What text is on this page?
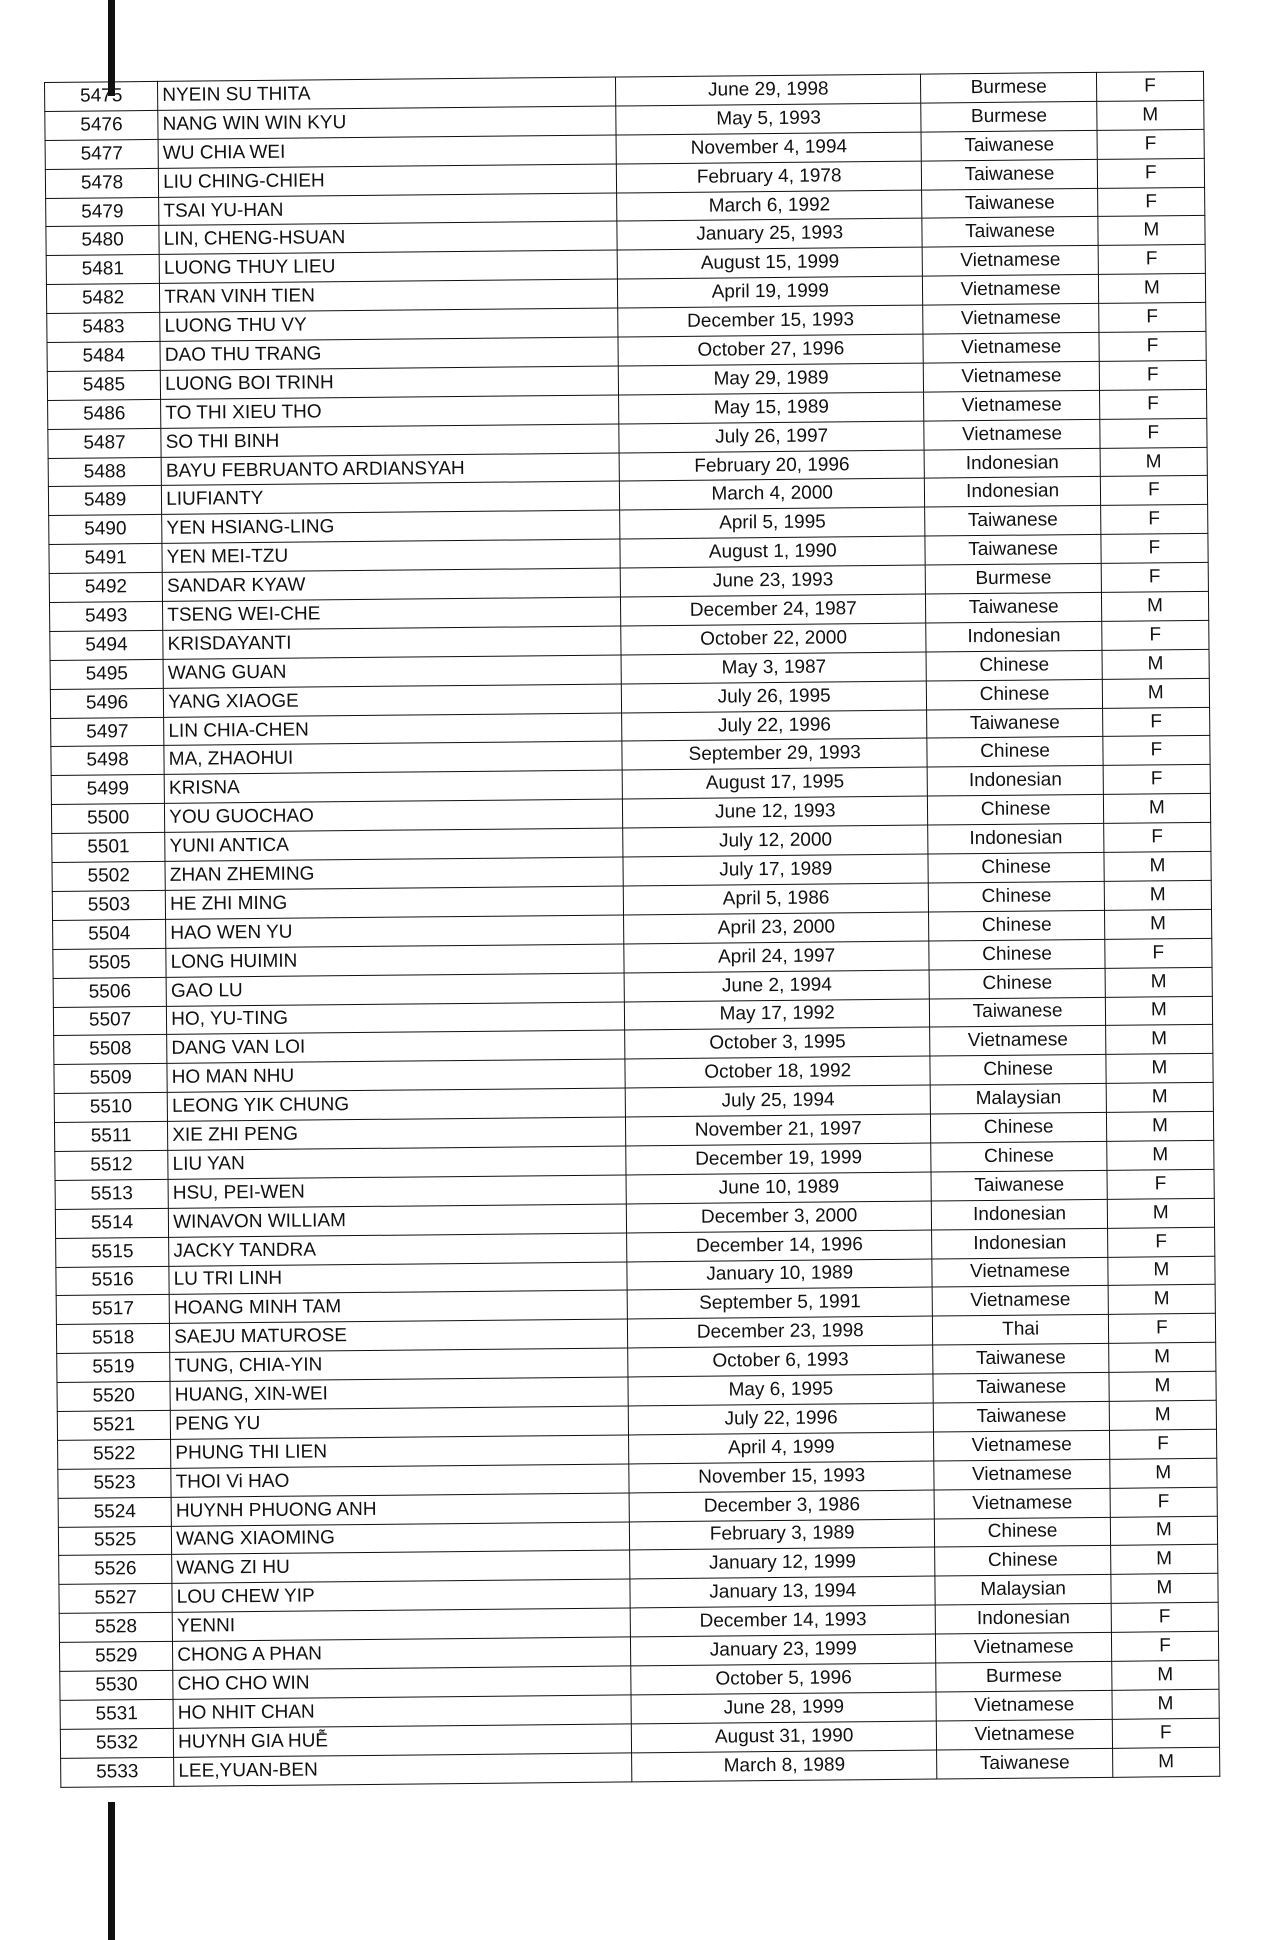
5475	NYEIN SU THITA	June 29, 1998	Burmese	F
5476	NANG WIN WIN KYU	May 5, 1993	Burmese	M
5477	WU CHIA WEI	November 4, 1994	Taiwanese	F
5478	LIU CHING-CHIEH	February 4, 1978	Taiwanese	F
5479	TSAI YU-HAN	March 6, 1992	Taiwanese	F
5480	LIN, CHENG-HSUAN	January 25, 1993	Taiwanese	M
5481	LUONG THUY LIEU	August 15, 1999	Vietnamese	F
5482	TRAN VINH TIEN	April 19, 1999	Vietnamese	M
5483	LUONG THU VY	December 15, 1993	Vietnamese	F
5484	DAO THU TRANG	October 27, 1996	Vietnamese	F
5485	LUONG BOI TRINH	May 29, 1989	Vietnamese	F
5486	TO THI XIEU THO	May 15, 1989	Vietnamese	F
5487	SO THI BINH	July 26, 1997	Vietnamese	F
5488	BAYU FEBRUANTO ARDIANSYAH	February 20, 1996	Indonesian	M
5489	LIUFIANTY	March 4, 2000	Indonesian	F
5490	YEN HSIANG-LING	April 5, 1995	Taiwanese	F
5491	YEN MEI-TZU	August 1, 1990	Taiwanese	F
5492	SANDAR KYAW	June 23, 1993	Burmese	F
5493	TSENG WEI-CHE	December 24, 1987	Taiwanese	M
5494	KRISDAYANTI	October 22, 2000	Indonesian	F
5495	WANG GUAN	May 3, 1987	Chinese	M
5496	YANG XIAOGE	July 26, 1995	Chinese	M
5497	LIN CHIA-CHEN	July 22, 1996	Taiwanese	F
5498	MA, ZHAOHUI	September 29, 1993	Chinese	F
5499	KRISNA	August 17, 1995	Indonesian	F
5500	YOU GUOCHAO	June 12, 1993	Chinese	M
5501	YUNI ANTICA	July 12, 2000	Indonesian	F
5502	ZHAN ZHEMING	July 17, 1989	Chinese	M
5503	HE ZHI MING	April 5, 1986	Chinese	M
5504	HAO WEN YU	April 23, 2000	Chinese	M
5505	LONG HUIMIN	April 24, 1997	Chinese	F
5506	GAO LU	June 2, 1994	Chinese	M
5507	HO, YU-TING	May 17, 1992	Taiwanese	M
5508	DANG VAN LOI	October 3, 1995	Vietnamese	M
5509	HO MAN NHU	October 18, 1992	Chinese	M
5510	LEONG YIK CHUNG	July 25, 1994	Malaysian	M
5511	XIE ZHI PENG	November 21, 1997	Chinese	M
5512	LIU YAN	December 19, 1999	Chinese	M
5513	HSU, PEI-WEN	June 10, 1989	Taiwanese	F
5514	WINAVON WILLIAM	December 3, 2000	Indonesian	M
5515	JACKY TANDRA	December 14, 1996	Indonesian	F
5516	LU TRI LINH	January 10, 1989	Vietnamese	M
5517	HOANG MINH TAM	September 5, 1991	Vietnamese	M
5518	SAEJU MATUROSE	December 23, 1998	Thai	F
5519	TUNG, CHIA-YIN	October 6, 1993	Taiwanese	M
5520	HUANG, XIN-WEI	May 6, 1995	Taiwanese	M
5521	PENG YU	July 22, 1996	Taiwanese	M
5522	PHUNG THI LIEN	April 4, 1999	Vietnamese	F
5523	THOI Vi HAO	November 15, 1993	Vietnamese	M
5524	HUYNH PHUONG ANH	December 3, 1986	Vietnamese	F
5525	WANG XIAOMING	February 3, 1989	Chinese	M
5526	WANG ZI HU	January 12, 1999	Chinese	M
5527	LOU CHEW YIP	January 13, 1994	Malaysian	M
5528	YENNI	December 14, 1993	Indonesian	F
5529	CHONG A PHAN	January 23, 1999	Vietnamese	F
5530	CHO CHO WIN	October 5, 1996	Burmese	M
5531	HO NHIT CHAN	June 28, 1999	Vietnamese	M
5532	HUYNH GIA HUỄ	August 31, 1990	Vietnamese	F
5533	LEE,YUAN-BEN	March 8, 1989	Taiwanese	M
